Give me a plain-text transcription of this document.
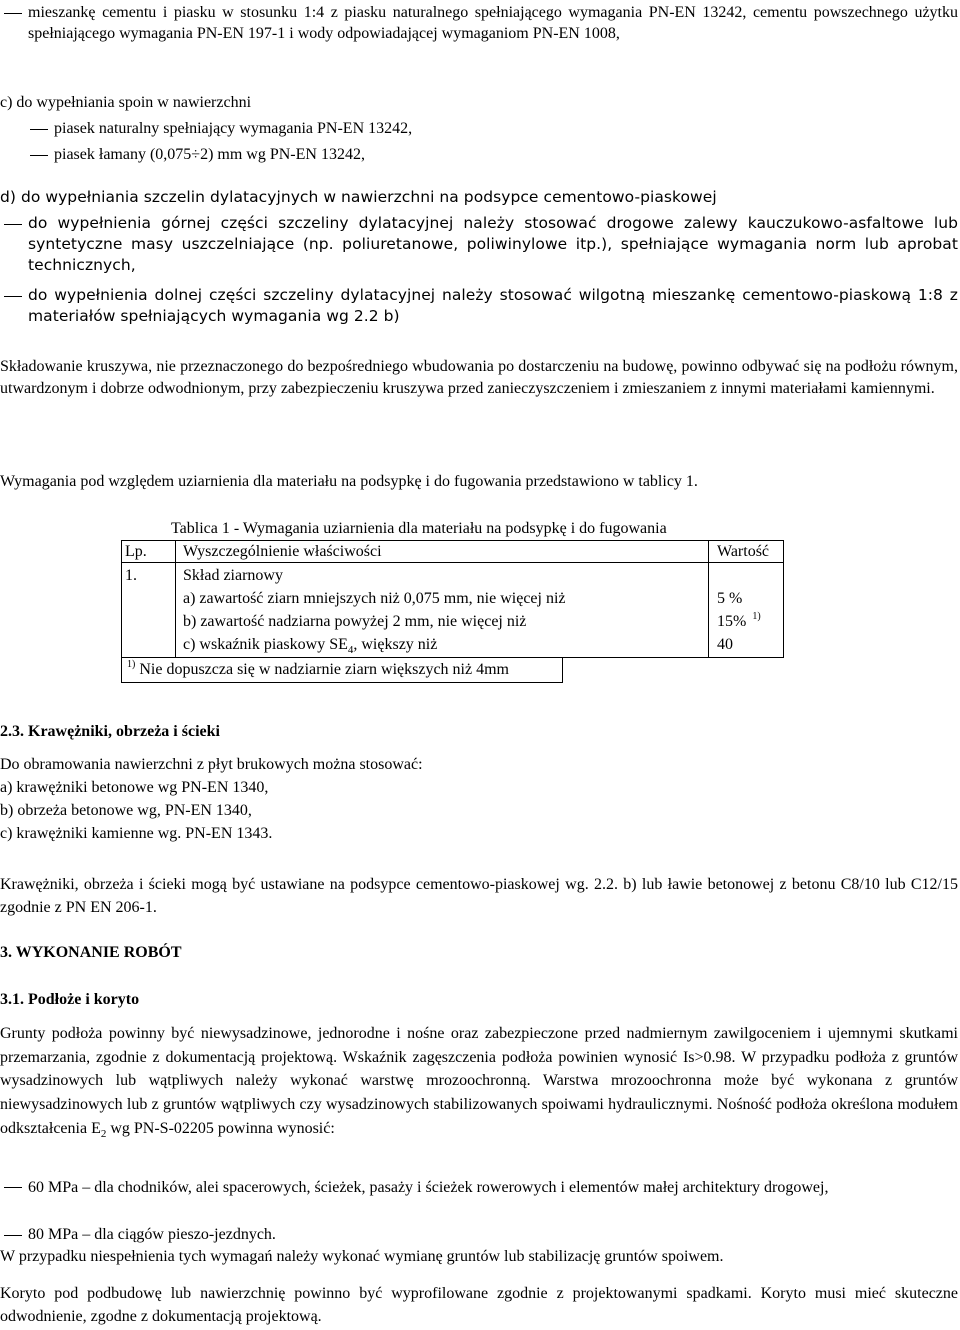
mieszankę cementu i piasku w stosunku 1:4 z piasku naturalnego spełniającego wymagania PN-EN 13242, cementu powszechnego użytku spełniającego wymagania PN-EN 197-1 i wody odpowiadającej wymaganiom PN-EN 1008,
c) do wypełniania spoin w nawierzchni
piasek naturalny spełniający wymagania PN-EN 13242,
piasek łamany (0,075÷2) mm wg PN-EN 13242,
d) do wypełniania szczelin dylatacyjnych w nawierzchni na podsypce cementowo-piaskowej
do wypełnienia górnej części szczeliny dylatacyjnej należy stosować drogowe zalewy kauczukowo-asfaltowe lub syntetyczne masy uszczelniające (np. poliuretanowe, poliwinylowe itp.), spełniające wymagania norm lub aprobat technicznych,
do wypełnienia dolnej części szczeliny dylatacyjnej należy stosować wilgotną mieszankę cementowo-piaskową 1:8 z materiałów spełniających wymagania wg 2.2 b)
Składowanie kruszywa, nie przeznaczonego do bezpośredniego wbudowania po dostarczeniu na budowę, powinno odbywać się na podłożu równym, utwardzonym i dobrze odwodnionym, przy zabezpieczeniu kruszywa przed zanieczyszczeniem i zmieszaniem z innymi materiałami kamiennymi.
Wymagania pod względem uziarnienia dla materiału na podsypkę i do fugowania przedstawiono w tablicy 1.
Tablica 1 - Wymagania uziarnienia dla materiału na podsypkę i do fugowania
Lp. Wyszczególnienie właściwości	Wartość
1.	Skład ziarnowy
a) zawartość ziarn mniejszych niż 0,075 mm, nie więcej niż	5 %
b) zawartość nadziarna powyżej 2 mm, nie więcej niż	15% $^{1)}$
c) wskaźnik piaskowy $SE_4$, większy niż	40
$^{1)}$ Nie dopuszcza się w nadziarnie ziarn większych niż 4mm
2.3. Krawężniki, obrzeża i ścieki
Do obramowania nawierzchni z płyt brukowych można stosować:
a) krawężniki betonowe wg PN-EN 1340,
b) obrzeża betonowe wg, PN-EN 1340,
c) krawężniki kamienne wg. PN-EN 1343.
Krawężniki, obrzeża i ścieki mogą być ustawiane na podsypce cementowo-piaskowej wg. 2.2. b) lub ławie betonowej z betonu C8/10 lub C12/15 zgodnie z PN EN 206-1.
3. WYKONANIE ROBÓT
3.1. Podłoże i koryto
Grunty podłoża powinny być niewysadzinowe, jednorodne i nośne oraz zabezpieczone przed nadmiernym zawilgoceniem i ujemnymi skutkami przemarzania, zgodnie z dokumentacją projektową. Wskaźnik zagęszczenia podłoża powinien wynosić Is>0.98. W przypadku podłoża z gruntów wysadzinowych lub wątpliwych należy wykonać warstwę mrozoochronną. Warstwa mrozoochronna może być wykonana z gruntów niewysadzinowych lub z gruntów wątpliwych czy wysadzinowych stabilizowanych spoiwami hydraulicznymi. Nośność podłoża określona modułem odkształcenia $E_2$ wg PN-S-02205 powinna wynosić:
60 MPa – dla chodników, alei spacerowych, ścieżek, pasaży i ścieżek rowerowych i elementów małej architektury drogowej,
80 MPa – dla ciągów pieszo-jezdnych.
W przypadku niespełnienia tych wymagań należy wykonać wymianę gruntów lub stabilizację gruntów spoiwem.
Koryto pod podbudowę lub nawierzchnię powinno być wyprofilowane zgodnie z projektowanymi spadkami. Koryto musi mieć skuteczne odwodnienie, zgodne z dokumentacją projektową.
